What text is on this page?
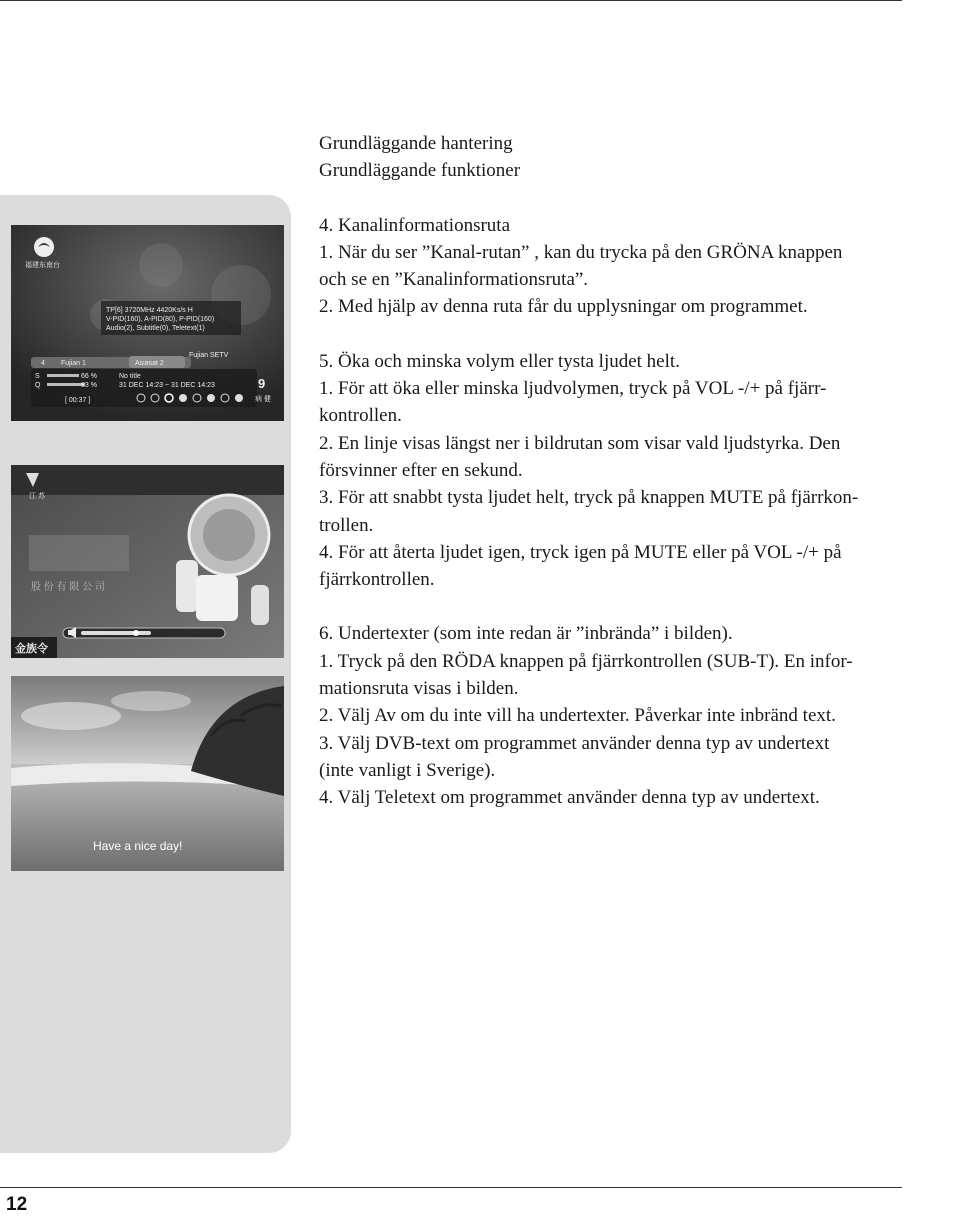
福建东南台
TP[6] 3720MHz 4420Ks/s H
V-PID(160), A-PID(80), P-PID(160)
Audio(2), Subtitle(0), Teletext(1)
4 Fujian 1	Asiasat 2
Fujian SETV
S	66 %
Q	83 %
No title
31 DEC 14:23 ~ 31 DEC 14:23
[ 00:37 ]
9
病 健
江 苏
股 份 有 限 公 司
金族令
Have a nice day!

Grundläggande hantering

Grundläggande funktioner

4. Kanalinformationsruta

1. När du ser ”Kanal-rutan” , kan du trycka på den GRÖNA knappen

och se en ”Kanalinformationsruta”.

2. Med hjälp av denna ruta får du upplysningar om programmet.

5. Öka och minska volym eller tysta ljudet helt.

1. För att öka eller minska ljudvolymen, tryck på VOL -/+ på fjärr-

kontrollen.

2. En linje visas längst ner i bildrutan som visar vald ljudstyrka. Den

försvinner efter en sekund.

3. För att snabbt tysta ljudet helt, tryck på knappen MUTE på fjärrkon-

trollen.

4. För att återta ljudet igen, tryck igen på MUTE eller på VOL -/+ på

fjärrkontrollen.

6. Undertexter (som inte redan är ”inbrända” i bilden).

1. Tryck på den RÖDA knappen på fjärrkontrollen (SUB-T). En infor-

mationsruta visas i bilden.

2. Välj Av om du inte vill ha undertexter. Påverkar inte inbränd text.

3. Välj DVB-text om programmet använder denna typ av undertext

(inte vanligt i Sverige).

4. Välj Teletext om programmet använder denna typ av undertext.

12
